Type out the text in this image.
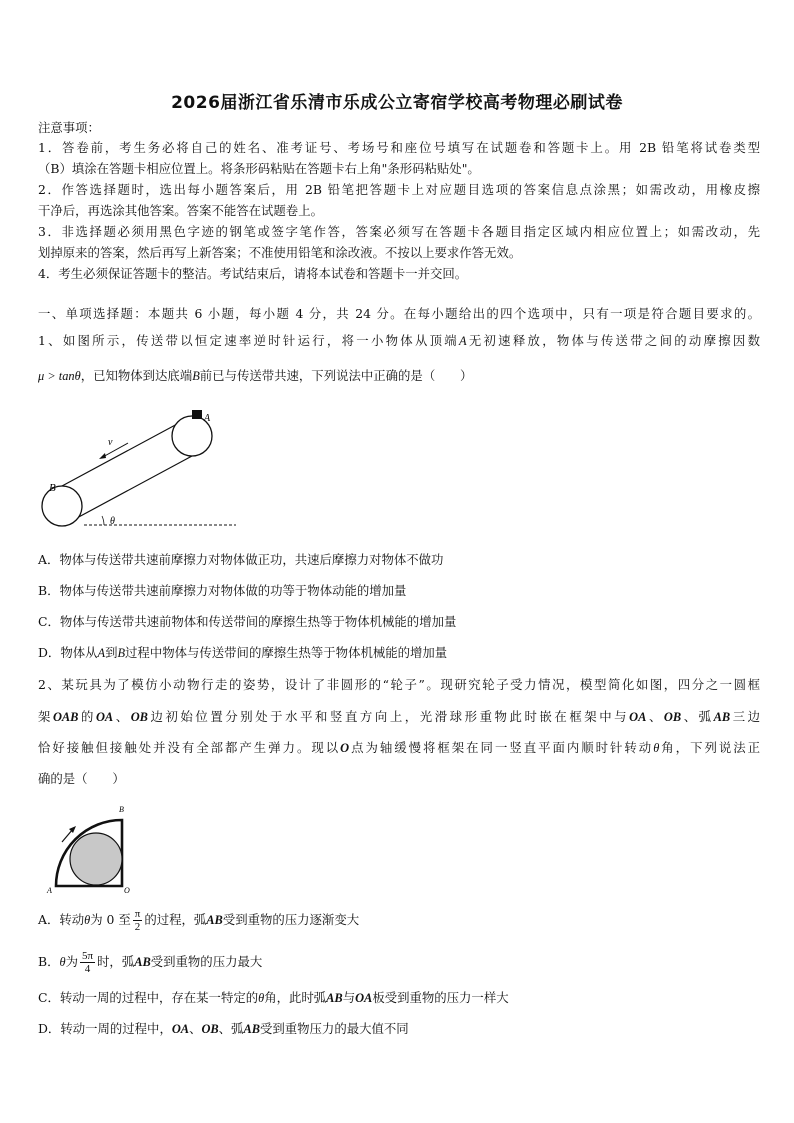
2026届浙江省乐清市乐成公立寄宿学校高考物理必刷试卷
注意事项：
1．答卷前，考生务必将自己的姓名、准考证号、考场号和座位号填写在试题卷和答题卡上。用 2B 铅笔将试卷类型
（B）填涂在答题卡相应位置上。将条形码粘贴在答题卡右上角"条形码粘贴处"。
2．作答选择题时，选出每小题答案后，用 2B 铅笔把答题卡上对应题目选项的答案信息点涂黑；如需改动，用橡皮擦
干净后，再选涂其他答案。答案不能答在试题卷上。
3．非选择题必须用黑色字迹的钢笔或签字笔作答，答案必须写在答题卡各题目指定区域内相应位置上；如需改动，先
划掉原来的答案，然后再写上新答案；不准使用铅笔和涂改液。不按以上要求作答无效。
4．考生必须保证答题卡的整洁。考试结束后，请将本试卷和答题卡一并交回。
一、单项选择题：本题共 6 小题，每小题 4 分，共 24 分。在每小题给出的四个选项中，只有一项是符合题目要求的。
1、如图所示，传送带以恒定速率逆时针运行，将一小物体从顶端A无初速释放，物体与传送带之间的动摩擦因数
μ > tanθ，已知物体到达底端B前已与传送带共速，下列说法中正确的是（　　）
v
A
B
θ
A．物体与传送带共速前摩擦力对物体做正功，共速后摩擦力对物体不做功
B．物体与传送带共速前摩擦力对物体做的功等于物体动能的增加量
C．物体与传送带共速前物体和传送带间的摩擦生热等于物体机械能的增加量
D．物体从A到B过程中物体与传送带间的摩擦生热等于物体机械能的增加量
2、某玩具为了模仿小动物行走的姿势，设计了非圆形的“轮子”。现研究轮子受力情况，模型简化如图，四分之一圆框
架OAB的OA、OB边初始位置分别处于水平和竖直方向上，光滑球形重物此时嵌在框架中与OA、OB、弧AB三边
恰好接触但接触处并没有全部都产生弹力。现以O点为轴缓慢将框架在同一竖直平面内顺时针转动θ角，下列说法正
确的是（　　）
B
A	O
A．转动θ为 0 至 $\frac{\pi}{2}$ 的过程，弧AB受到重物的压力逐渐变大
B．θ为 $\frac{5\pi}{4}$ 时，弧AB受到重物的压力最大
C．转动一周的过程中，存在某一特定的θ角，此时弧AB与OA板受到重物的压力一样大
D．转动一周的过程中，OA、OB、弧AB受到重物压力的最大值不同
